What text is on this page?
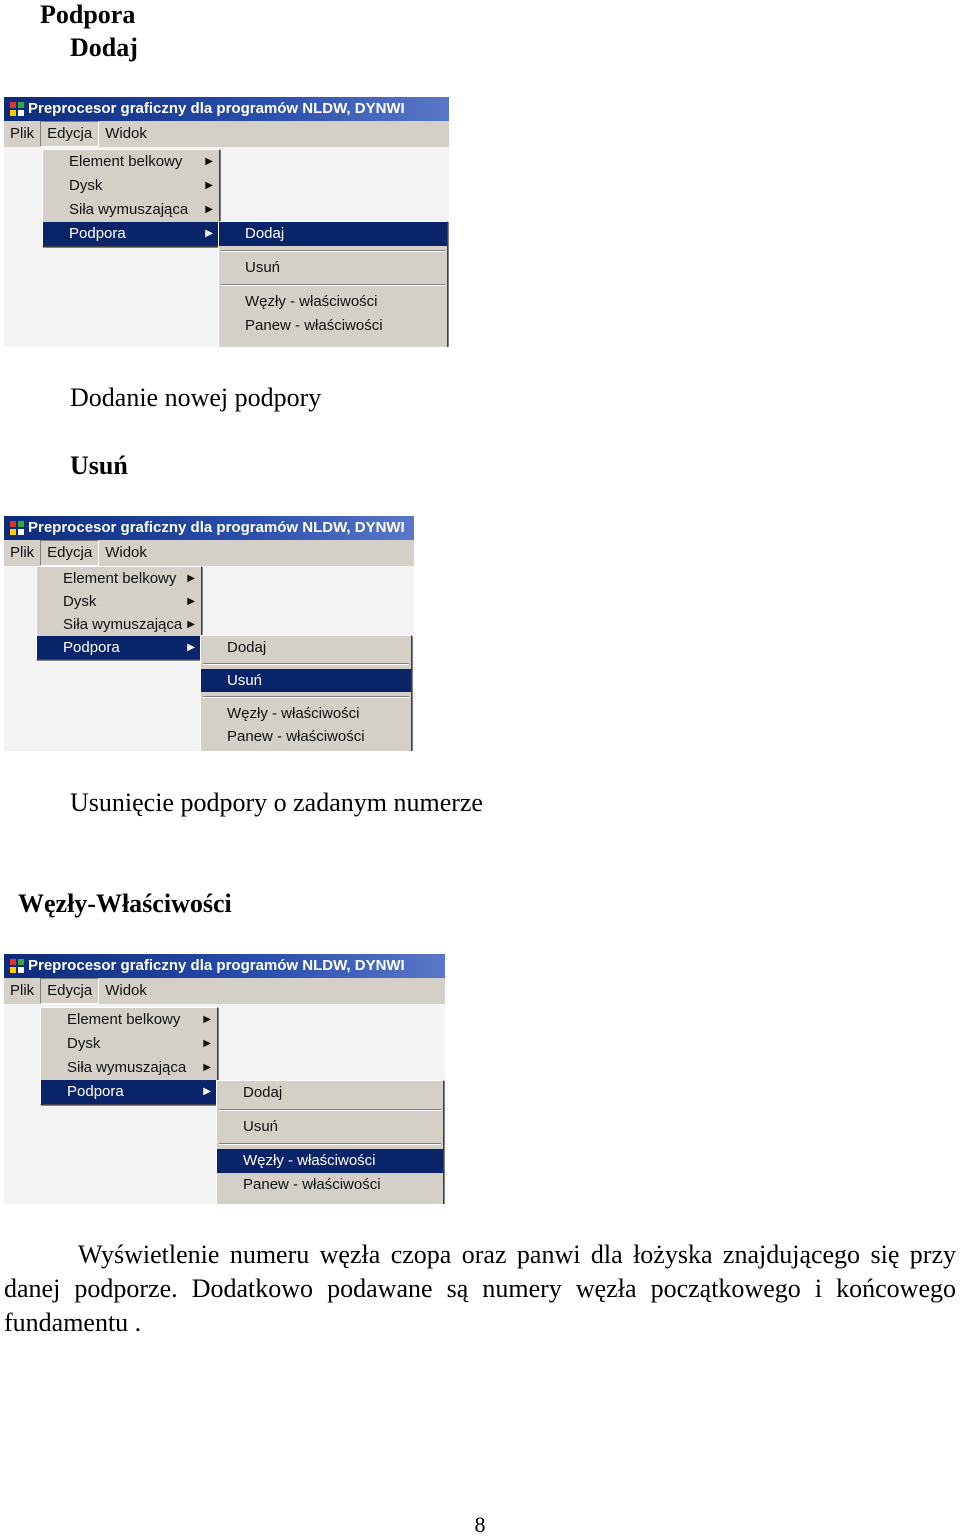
Podpora
Dodaj
Preprocesor graficzny dla programów NLDW, DYNWI
Plik Edycja Widok
Element belkowy ▶
Dysk	▶
Siła wymuszająca ▶
Podpora	▶	Dodaj
Usuń
Węzły - właściwości
Panew - właściwości
Dodanie nowej podpory
Usuń
Preprocesor graficzny dla programów NLDW, DYNWI
Plik Edycja Widok
Element belkowy ▶
Dysk	▶
Siła wymuszająca ▶
Podpora	▶	Dodaj
Usuń
Węzły - właściwości
Panew - właściwości
Usunięcie podpory o zadanym numerze
Węzły-Właściwości
Preprocesor graficzny dla programów NLDW, DYNWI
Plik Edycja Widok
Element belkowy ▶
Dysk	▶
Siła wymuszająca ▶
Podpora	▶	Dodaj
Usuń
Węzły - właściwości
Panew - właściwości
Wyświetlenie numeru węzła czopa oraz panwi dla łożyska znajdującego się przy danej podporze. Dodatkowo podawane są numery węzła początkowego i końcowego fundamentu .
8
